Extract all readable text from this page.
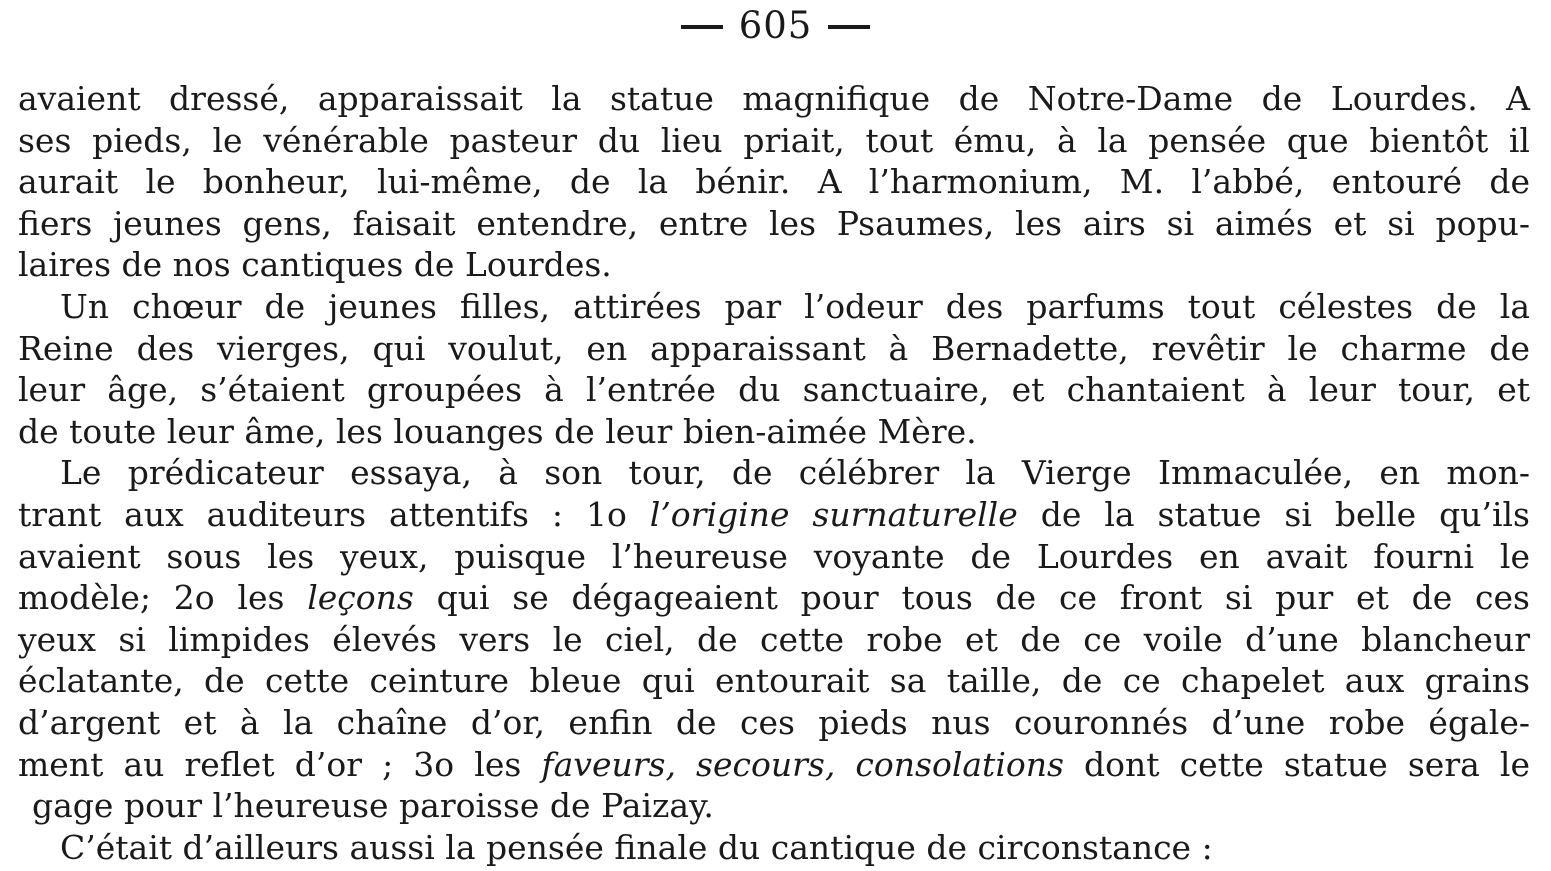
605
avaient dressé, apparaissait la statue magnifique de Notre-Dame de Lourdes. A
ses pieds, le vénérable pasteur du lieu priait, tout ému, à la pensée que bientôt il
aurait le bonheur, lui-même, de la bénir. A l’harmonium, M. l’abbé, entouré de
fiers jeunes gens, faisait entendre, entre les Psaumes, les airs si aimés et si popu-
laires de nos cantiques de Lourdes.
Un chœur de jeunes filles, attirées par l’odeur des parfums tout célestes de la
Reine des vierges, qui voulut, en apparaissant à Bernadette, revêtir le charme de
leur âge, s’étaient groupées à l’entrée du sanctuaire, et chantaient à leur tour, et
de toute leur âme, les louanges de leur bien-aimée Mère.
Le prédicateur essaya, à son tour, de célébrer la Vierge Immaculée, en mon-
trant aux auditeurs attentifs : 1o l’origine surnaturelle de la statue si belle qu’ils
avaient sous les yeux, puisque l’heureuse voyante de Lourdes en avait fourni le
modèle; 2o les leçons qui se dégageaient pour tous de ce front si pur et de ces
yeux si limpides élevés vers le ciel, de cette robe et de ce voile d’une blancheur
éclatante, de cette ceinture bleue qui entourait sa taille, de ce chapelet aux grains
d’argent et à la chaîne d’or, enfin de ces pieds nus couronnés d’une robe égale-
ment au reflet d’or ; 3o les faveurs, secours, consolations dont cette statue sera le
gage pour l’heureuse paroisse de Paizay.
C’était d’ailleurs aussi la pensée finale du cantique de circonstance :
